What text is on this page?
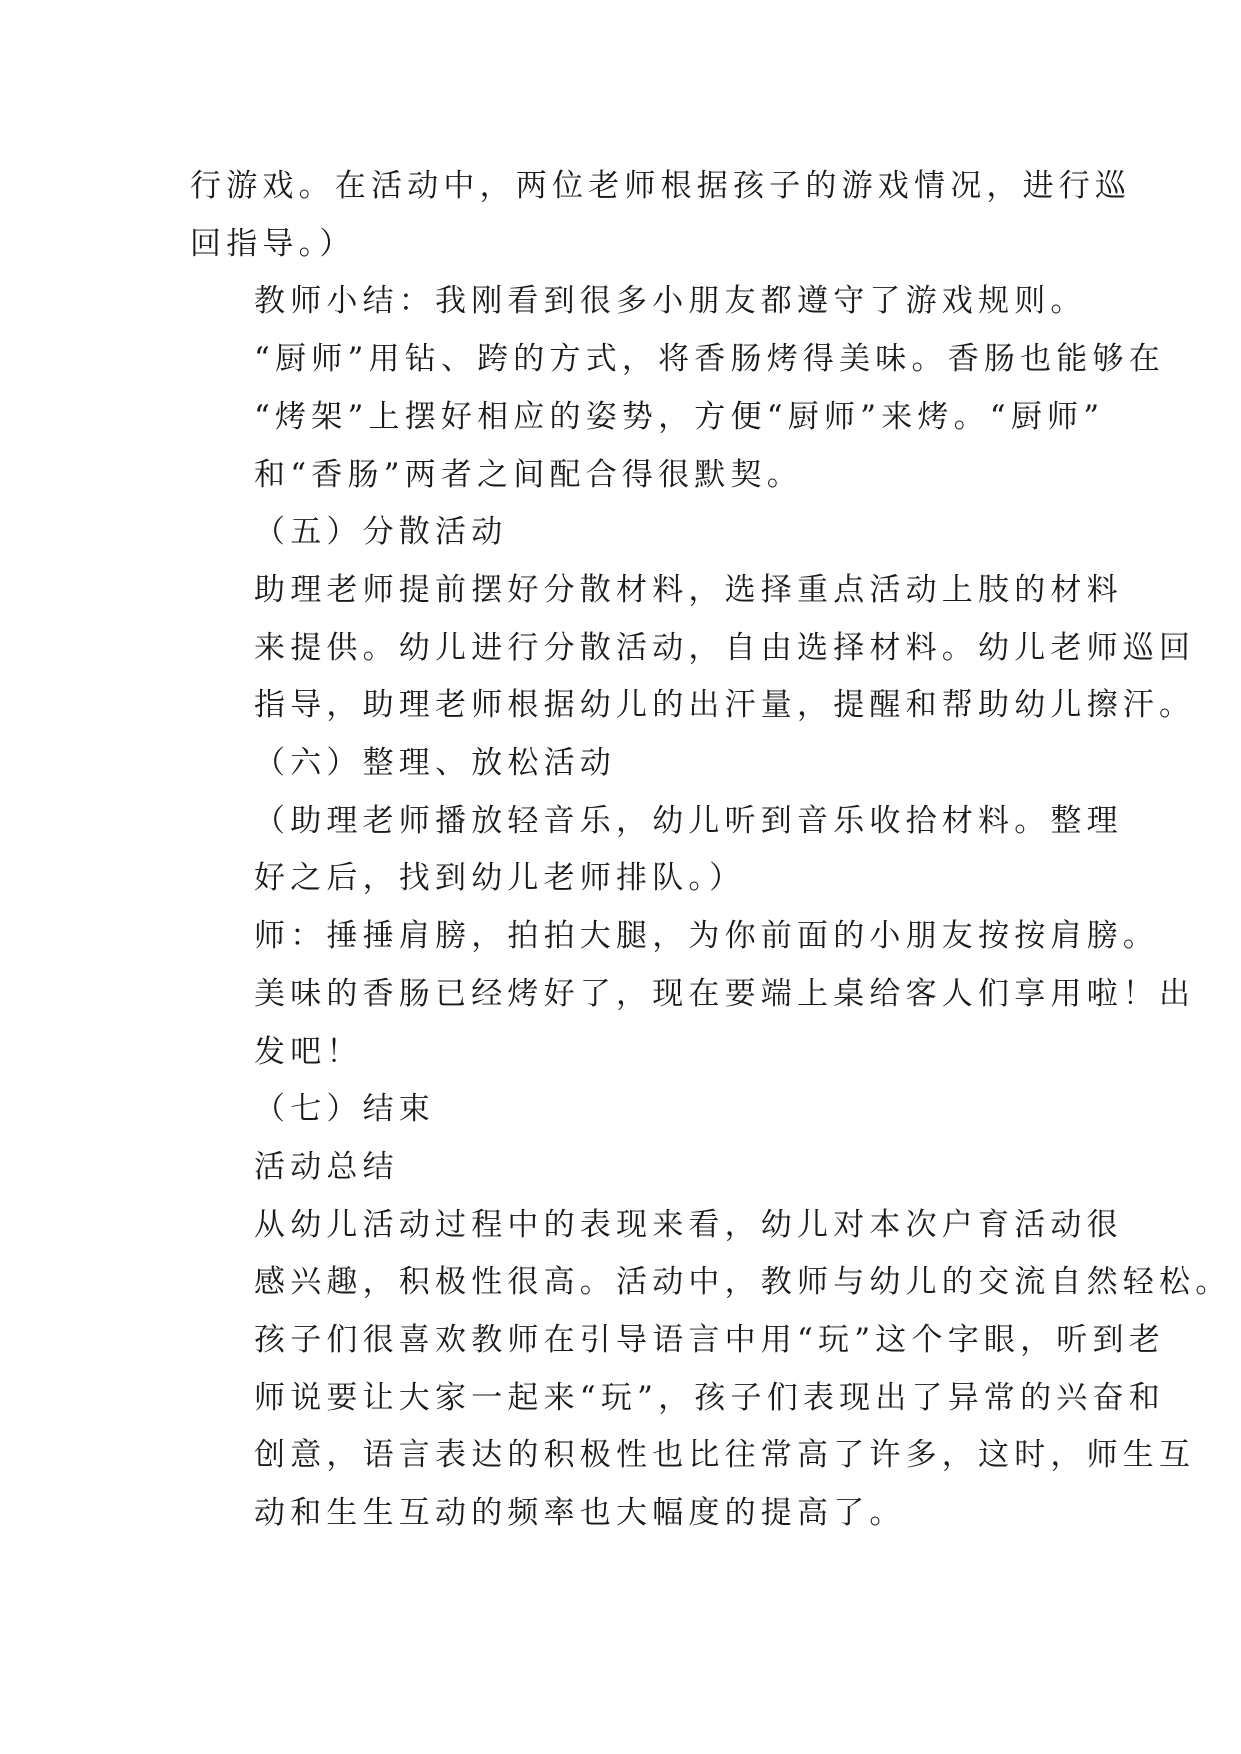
行游戏。在活动中，两位老师根据孩子的游戏情况，进行巡
回指导。）
教师小结：我刚看到很多小朋友都遵守了游戏规则。
“厨师”用钻、跨的方式，将香肠烤得美味。香肠也能够在
“烤架”上摆好相应的姿势，方便“厨师”来烤。“厨师”
和“香肠”两者之间配合得很默契。
（五）分散活动
助理老师提前摆好分散材料，选择重点活动上肢的材料
来提供。幼儿进行分散活动，自由选择材料。幼儿老师巡回
指导，助理老师根据幼儿的出汗量，提醒和帮助幼儿擦汗。
（六）整理、放松活动
（助理老师播放轻音乐，幼儿听到音乐收拾材料。整理
好之后，找到幼儿老师排队。）
师：捶捶肩膀，拍拍大腿，为你前面的小朋友按按肩膀。
美味的香肠已经烤好了，现在要端上桌给客人们享用啦！出
发吧！
（七）结束
活动总结
从幼儿活动过程中的表现来看，幼儿对本次户育活动很
感兴趣，积极性很高。活动中，教师与幼儿的交流自然轻松。
孩子们很喜欢教师在引导语言中用“玩”这个字眼，听到老
师说要让大家一起来“玩”，孩子们表现出了异常的兴奋和
创意，语言表达的积极性也比往常高了许多，这时，师生互
动和生生互动的频率也大幅度的提高了。
